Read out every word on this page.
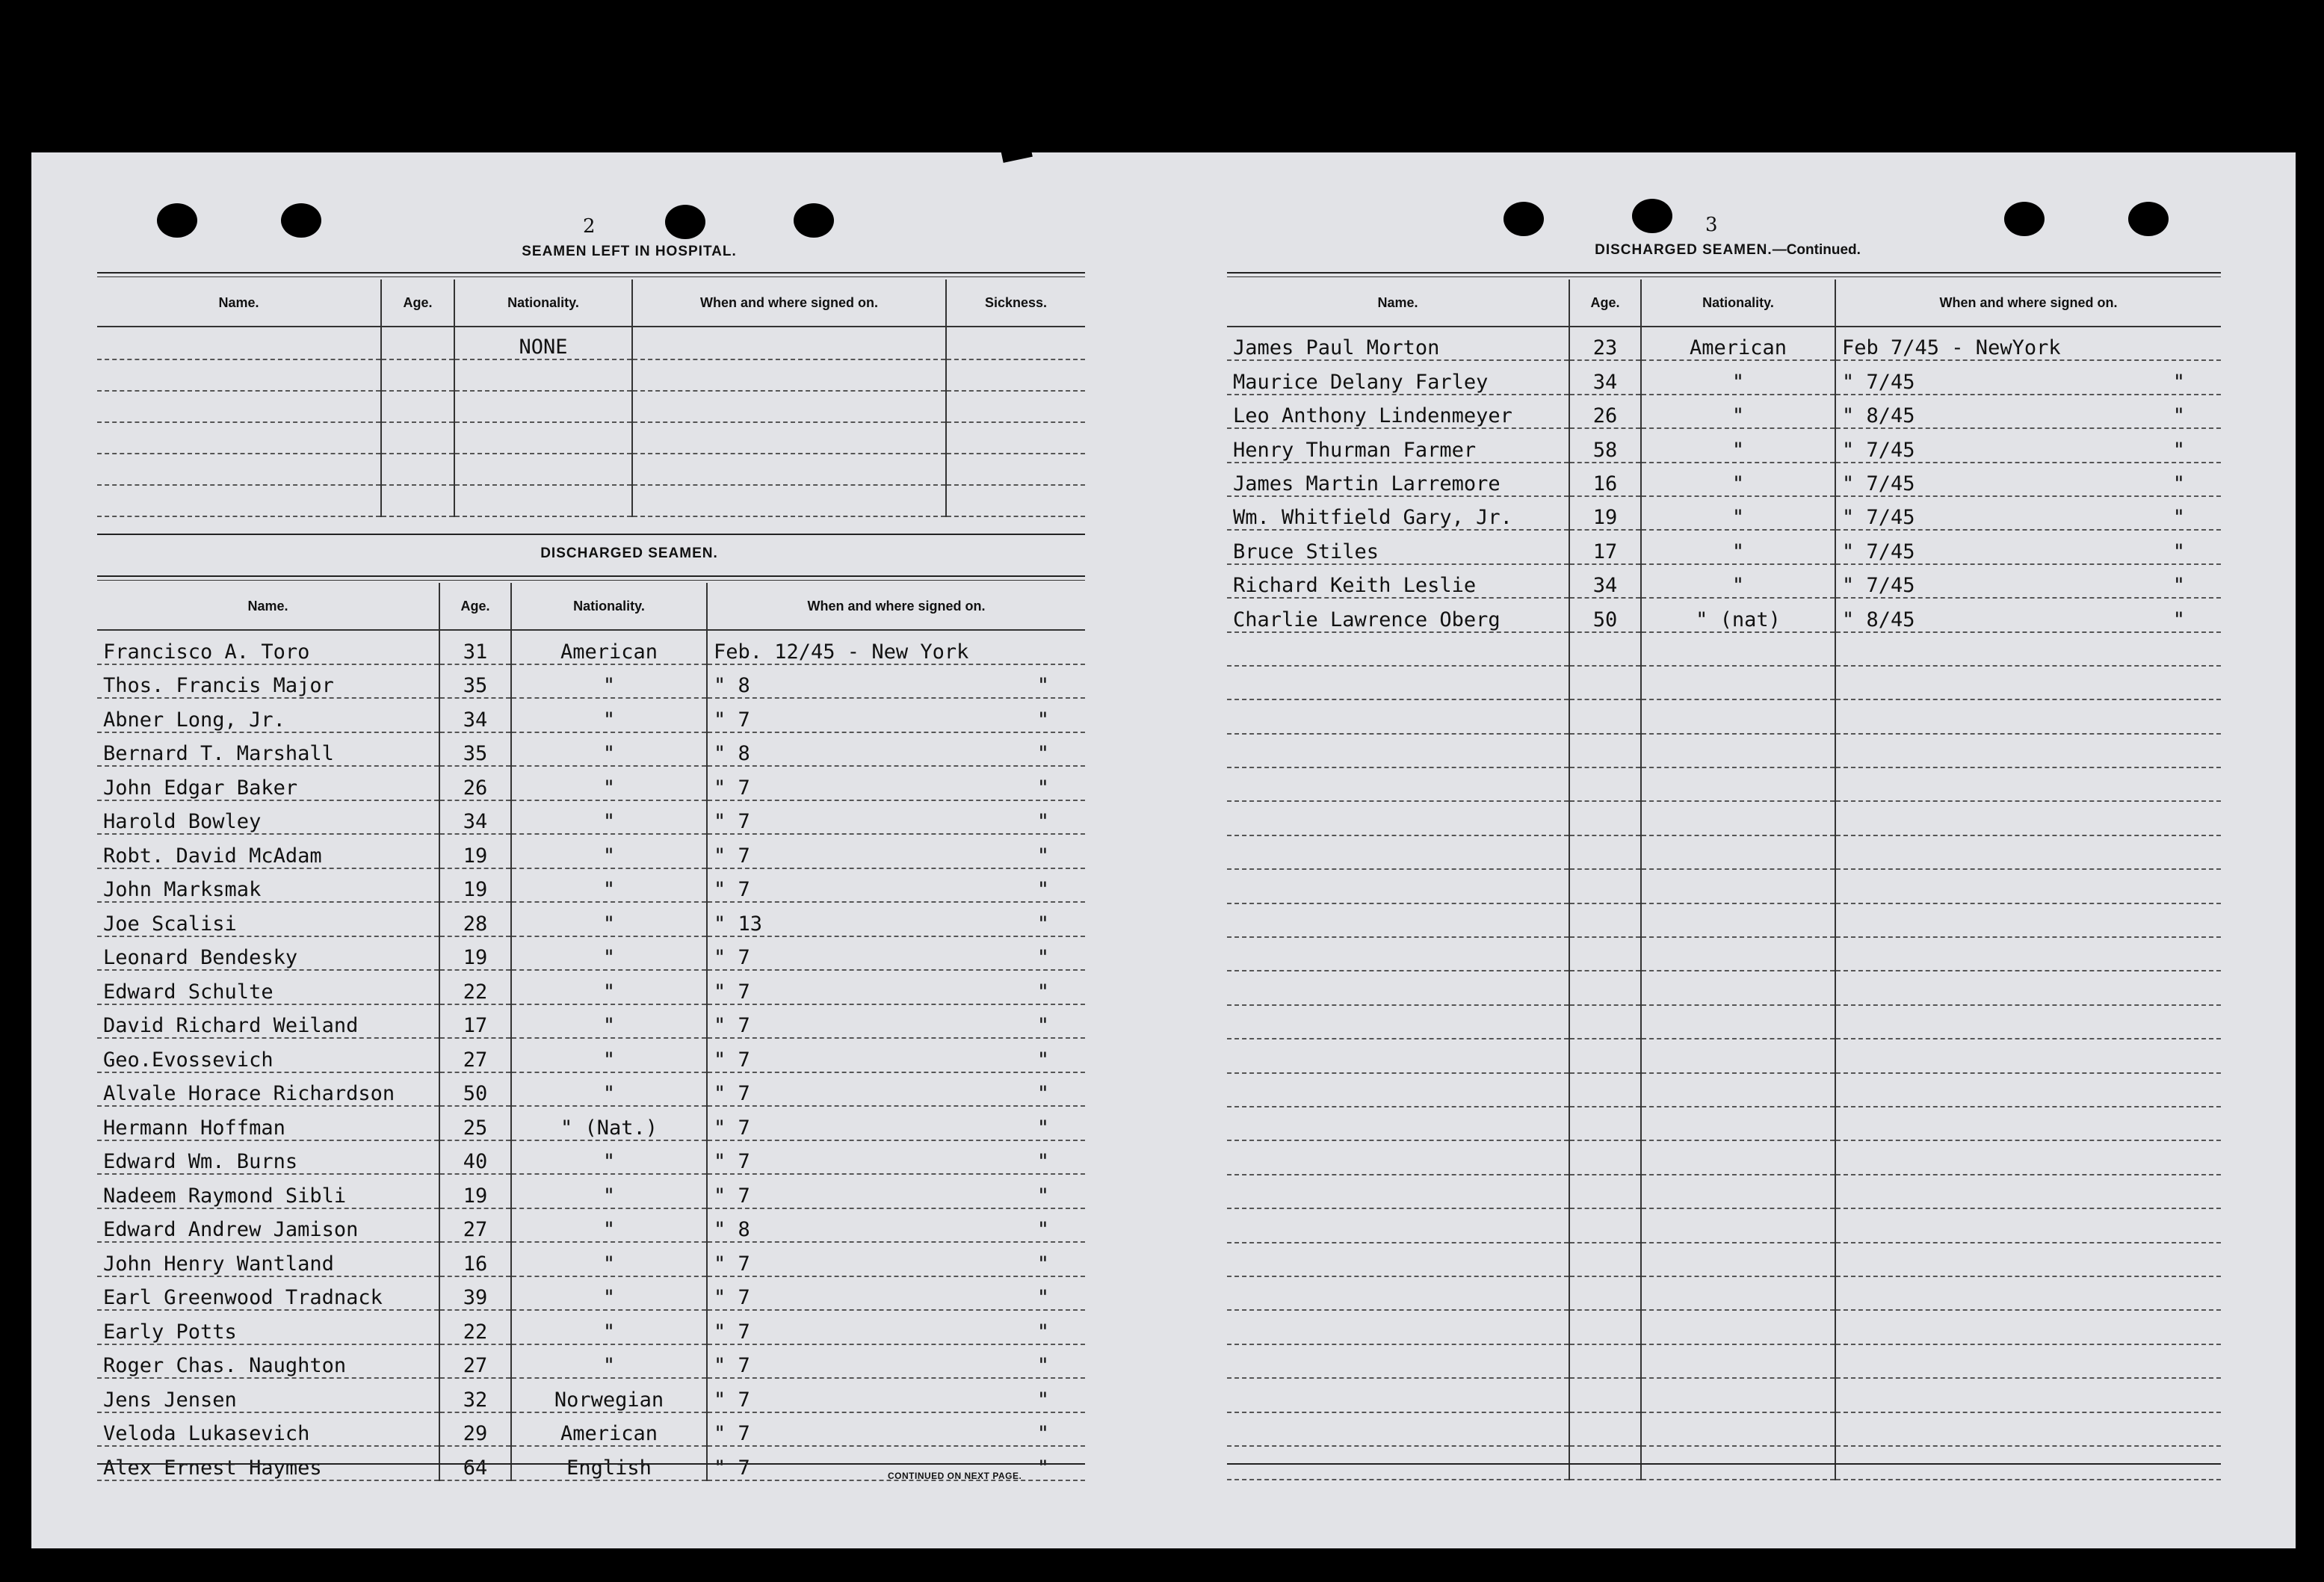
2
SEAMEN LEFT IN HOSPITAL.
Name.	Age.	Nationality.	When and where signed on.	Sickness.
		NONE		

DISCHARGED SEAMEN.
Name.	Age.	Nationality.	When and where signed on.
Francisco A. Toro	31	American	Feb. 12/45 - New York

Thos. Francis Major	35	"	" 8 "

Abner Long, Jr.	34	"	" 7 "

Bernard T. Marshall	35	"	" 8 "

John Edgar Baker	26	"	" 7 "

Harold Bowley	34	"	" 7 "

Robt. David McAdam	19	"	" 7 "

John Marksmak	19	"	" 7 "

Joe Scalisi	28	"	" 13 "

Leonard Bendesky	19	"	" 7 "

Edward Schulte	22	"	" 7 "

David Richard Weiland	17	"	" 7 "

Geo.Evossevich	27	"	" 7 "

Alvale Horace Richardson	50	"	" 7 "

Hermann Hoffman	25	" (Nat.)	" 7 "

Edward Wm. Burns	40	"	" 7 "

Nadeem Raymond Sibli	19	"	" 7 "

Edward Andrew Jamison	27	"	" 8 "

John Henry Wantland	16	"	" 7 "

Earl Greenwood Tradnack	39	"	" 7 "

Early Potts	22	"	" 7 "

Roger Chas. Naughton	27	"	" 7 "

Jens Jensen	32	Norwegian	" 7 "

Veloda Lukasevich	29	American	" 7 "

Alex Ernest Haymes	64	English	" 7 "
CONTINUED ON NEXT PAGE.
3
DISCHARGED SEAMEN.—Continued.
Name.	Age.	Nationality.	When and where signed on.
James Paul Morton	23	American	Feb 7/45 - NewYork

Maurice Delany Farley	34	"	" 7/45 "

Leo Anthony Lindenmeyer	26	"	" 8/45 "

Henry Thurman Farmer	58	"	" 7/45 "

James Martin Larremore	16	"	" 7/45 "

Wm. Whitfield Gary, Jr.	19	"	" 7/45 "

Bruce Stiles	17	"	" 7/45 "

Richard Keith Leslie	34	"	" 7/45 "

Charlie Lawrence Oberg	50	" (nat)	" 8/45 "
